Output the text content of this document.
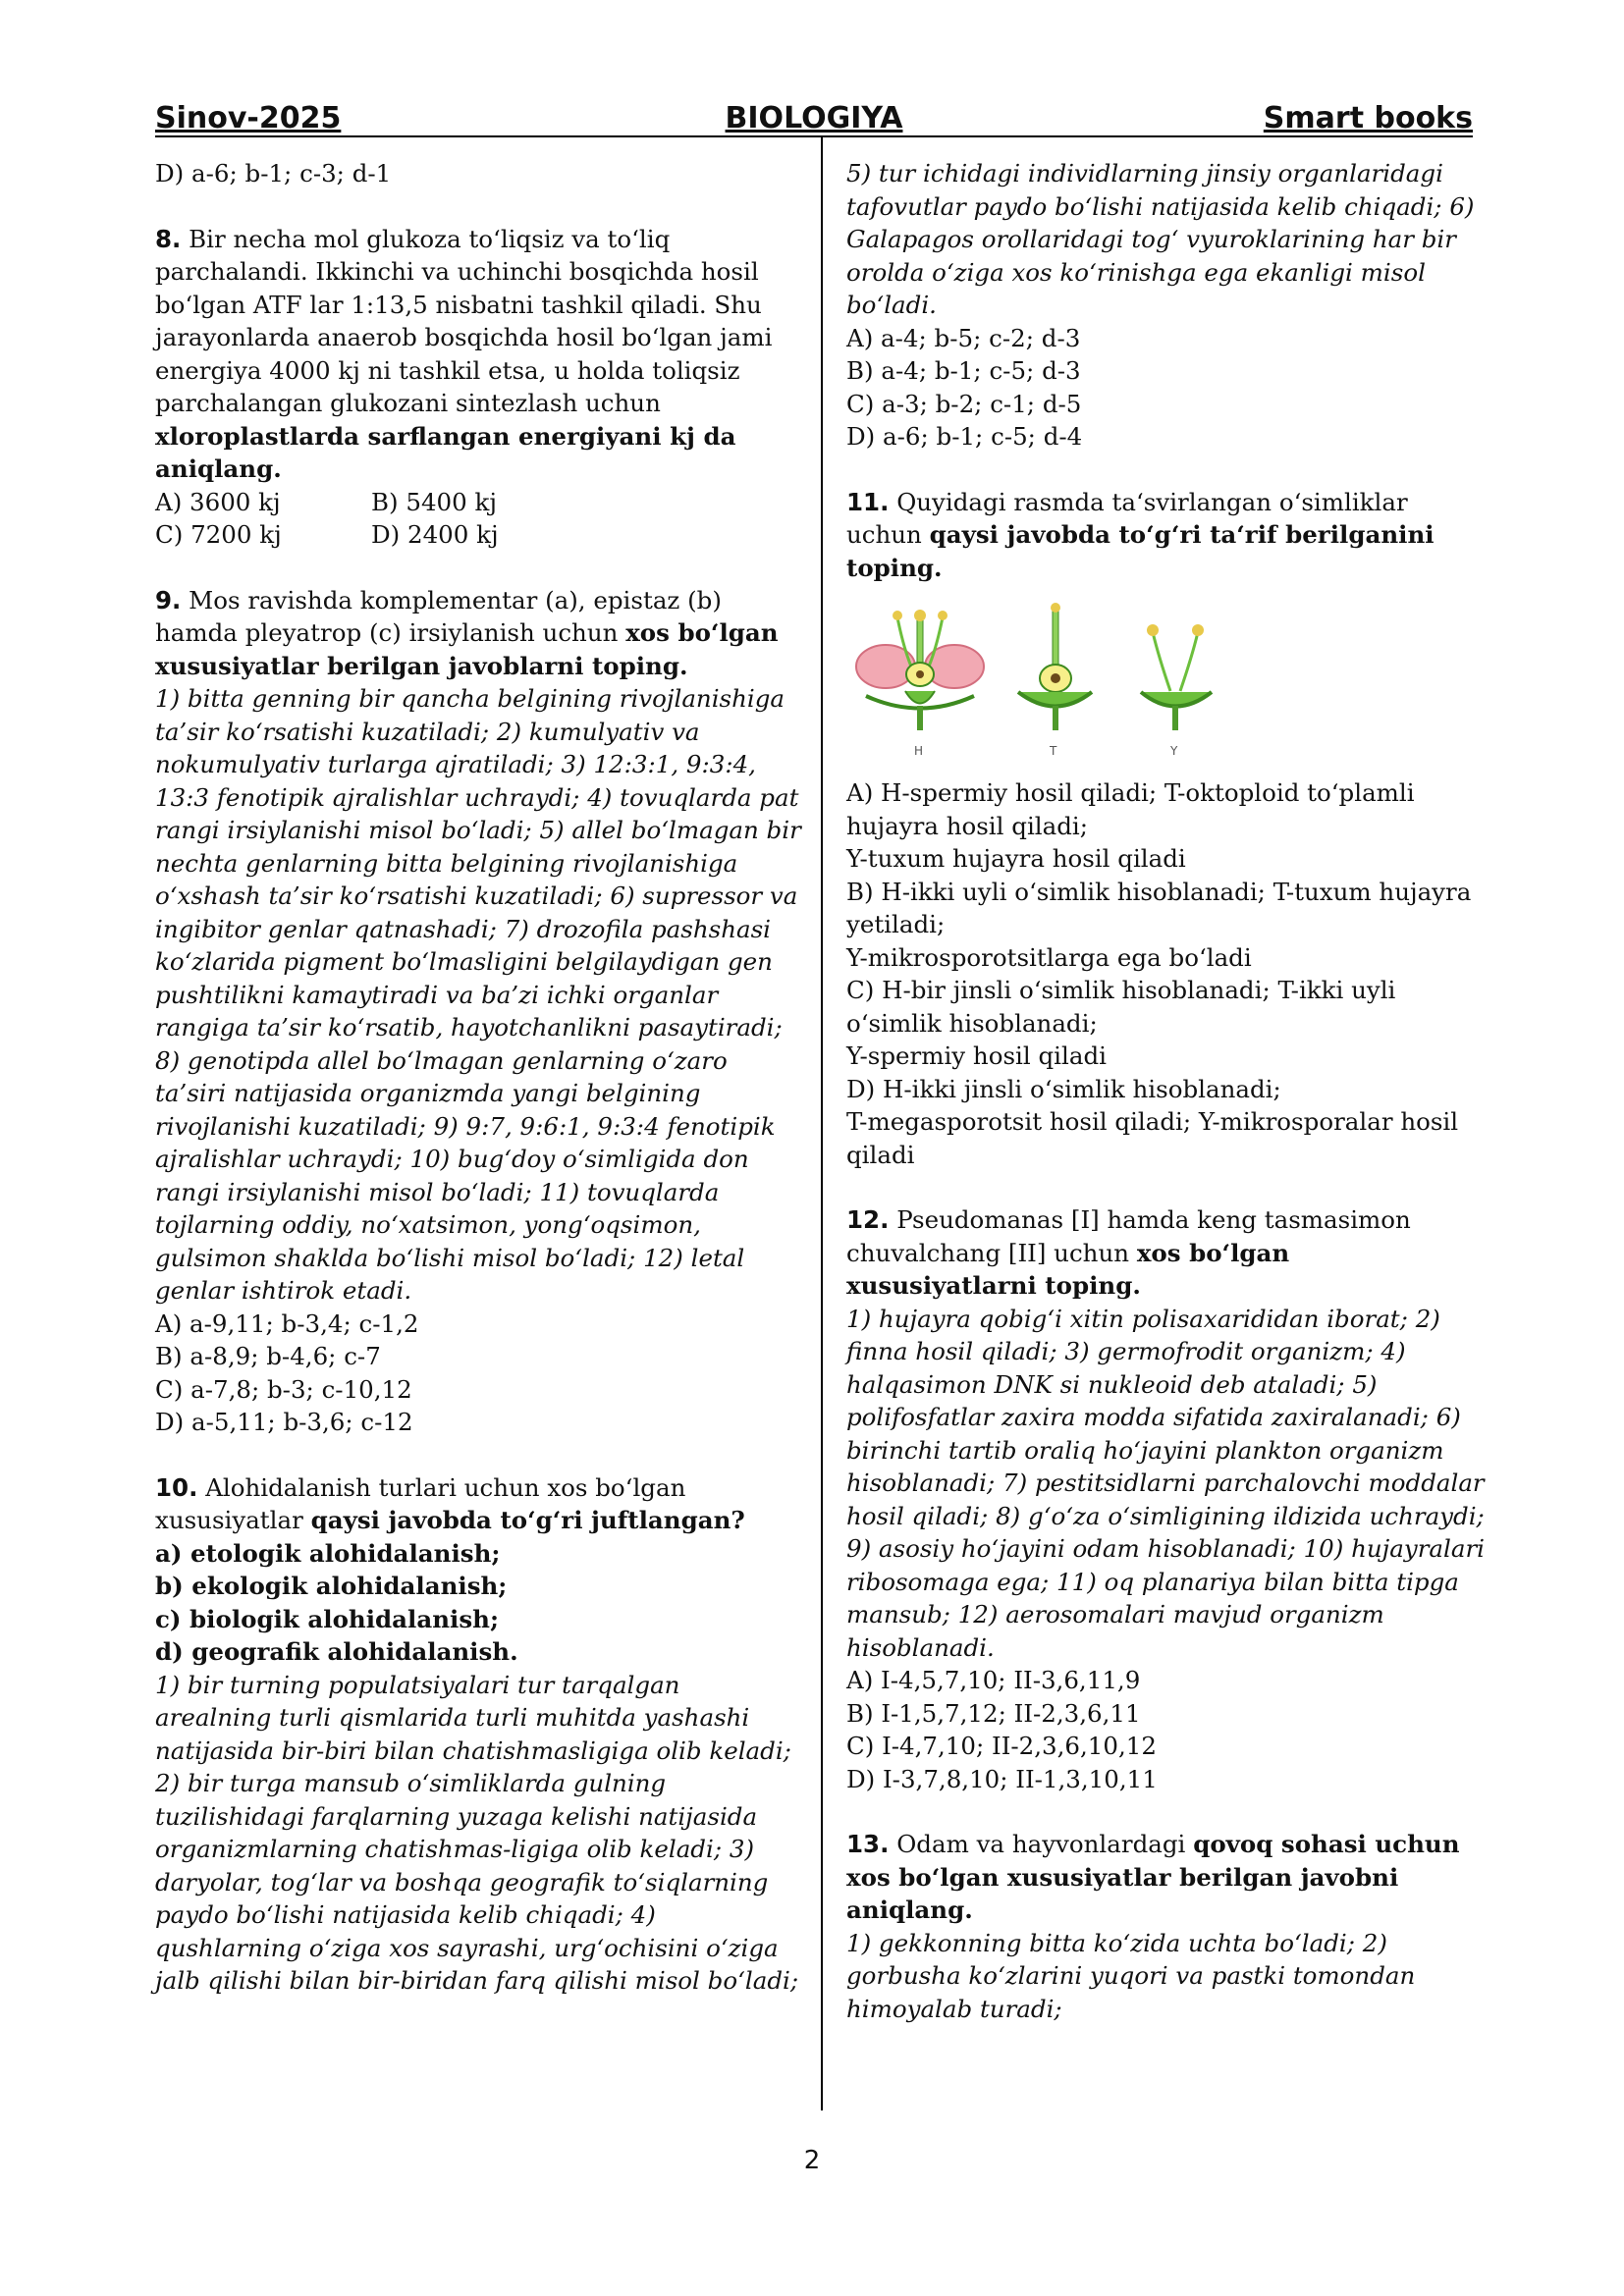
Sinov-2025	BIOLOGIYA	Smart books

D) a-6; b-1; c-3; d-1

8. Bir necha mol glukoza to‘liqsiz va to‘liq parchalandi. Ikkinchi va uchinchi bosqichda hosil bo‘lgan ATF lar 1:13,5 nisbatni tashkil qiladi. Shu jarayonlarda anaerob bosqichda hosil bo‘lgan jami energiya 4000 kj ni tashkil etsa, u holda toliqsiz parchalangan glukozani sintezlash uchun xloroplastlarda sarflangan energiyani kj da aniqlang.

A) 3600 kj	B) 5400 kj
C) 7200 kj	D) 2400 kj

9. Mos ravishda komplementar (a), epistaz (b) hamda pleyatrop (c) irsiylanish uchun xos bo‘lgan xususiyatlar berilgan javoblarni toping.

1) bitta genning bir qancha belgining rivojlanishiga ta’sir ko‘rsatishi kuzatiladi; 2) kumulyativ va nokumulyativ turlarga ajratiladi; 3) 12:3:1, 9:3:4, 13:3 fenotipik ajralishlar uchraydi; 4) tovuqlarda pat rangi irsiylanishi misol bo‘ladi; 5) allel bo‘lmagan bir nechta genlarning bitta belgining rivojlanishiga o‘xshash ta’sir ko‘rsatishi kuzatiladi; 6) supressor va ingibitor genlar qatnashadi; 7) drozofila pashshasi ko‘zlarida pigment bo‘lmasligini belgilaydigan gen pushtilikni kamaytiradi va ba’zi ichki organlar rangiga ta’sir ko‘rsatib, hayotchanlikni pasaytiradi; 8) genotipda allel bo‘lmagan genlarning o‘zaro ta’siri natijasida organizmda yangi belgining rivojlanishi kuzatiladi; 9) 9:7, 9:6:1, 9:3:4 fenotipik ajralishlar uchraydi; 10) bug‘doy o‘simligida don rangi irsiylanishi misol bo‘ladi; 11) tovuqlarda tojlarning oddiy, no‘xatsimon, yong‘oqsimon, gulsimon shaklda bo‘lishi misol bo‘ladi; 12) letal genlar ishtirok etadi.

A) a-9,11; b-3,4; c-1,2

B) a-8,9; b-4,6; c-7

C) a-7,8; b-3; c-10,12

D) a-5,11; b-3,6; c-12

10. Alohidalanish turlari uchun xos bo‘lgan xususiyatlar qaysi javobda to‘g‘ri juftlangan?

a) etologik alohidalanish;

b) ekologik alohidalanish;

c) biologik alohidalanish;

d) geografik alohidalanish.

1) bir turning populatsiyalari tur tarqalgan arealning turli qismlarida turli muhitda yashashi natijasida bir-biri bilan chatishmasligiga olib keladi; 2) bir turga mansub o‘simliklarda gulning tuzilishidagi farqlarning yuzaga kelishi natijasida organizmlarning chatishmas-ligiga olib keladi; 3) daryolar, tog‘lar va boshqa geografik to‘siqlarning paydo bo‘lishi natijasida kelib chiqadi; 4) qushlarning o‘ziga xos sayrashi, urg‘ochisini o‘ziga jalb qilishi bilan bir-biridan farq qilishi misol bo‘ladi;

5) tur ichidagi individlarning jinsiy organlaridagi tafovutlar paydo bo‘lishi natijasida kelib chiqadi; 6) Galapagos orollaridagi tog‘ vyuroklarining har bir orolda o‘ziga xos ko‘rinishga ega ekanligi misol bo‘ladi.

A) a-4; b-5; c-2; d-3

B) a-4; b-1; c-5; d-3

C) a-3; b-2; c-1; d-5

D) a-6; b-1; c-5; d-4

11. Quyidagi rasmda ta‘svirlangan o‘simliklar uchun qaysi javobda to‘g‘ri ta‘rif berilganini toping.

H	T	Y

A) H-spermiy hosil qiladi; T-oktoploid to‘plamli hujayra hosil qiladi;

Y-tuxum hujayra hosil qiladi

B) H-ikki uyli o‘simlik hisoblanadi; T-tuxum hujayra yetiladi;

Y-mikrosporotsitlarga ega bo‘ladi

C) H-bir jinsli o‘simlik hisoblanadi; T-ikki uyli o‘simlik hisoblanadi;

Y-spermiy hosil qiladi

D) H-ikki jinsli o‘simlik hisoblanadi;

T-megasporotsit hosil qiladi; Y-mikrosporalar hosil qiladi

12. Pseudomanas [I] hamda keng tasmasimon chuvalchang [II] uchun xos bo‘lgan xususiyatlarni toping.

1) hujayra qobig‘i xitin polisaxarididan iborat; 2) finna hosil qiladi; 3) germofrodit organizm; 4) halqasimon DNK si nukleoid deb ataladi; 5) polifosfatlar zaxira modda sifatida zaxiralanadi; 6) birinchi tartib oraliq ho‘jayini plankton organizm hisoblanadi; 7) pestitsidlarni parchalovchi moddalar hosil qiladi; 8) g‘o‘za o‘simligining ildizida uchraydi; 9) asosiy ho‘jayini odam hisoblanadi; 10) hujayralari ribosomaga ega; 11) oq planariya bilan bitta tipga mansub; 12) aerosomalari mavjud organizm hisoblanadi.

A) I-4,5,7,10; II-3,6,11,9

B) I-1,5,7,12; II-2,3,6,11

C) I-4,7,10; II-2,3,6,10,12

D) I-3,7,8,10; II-1,3,10,11

13. Odam va hayvonlardagi qovoq sohasi uchun xos bo‘lgan xususiyatlar berilgan javobni aniqlang.

1) gekkonning bitta ko‘zida uchta bo‘ladi; 2) gorbusha ko‘zlarini yuqori va pastki tomondan himoyalab turadi;

2
